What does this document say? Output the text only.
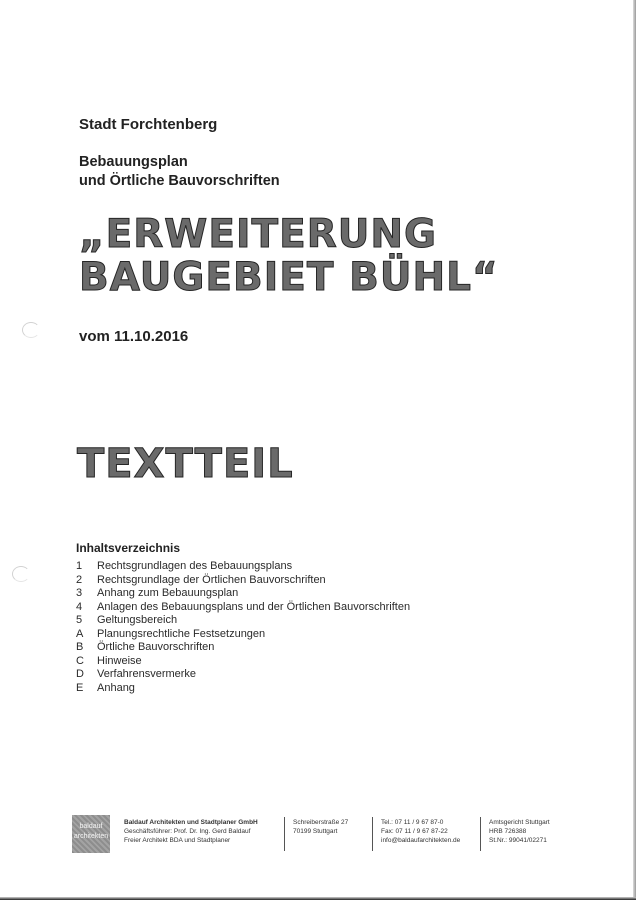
Stadt Forchtenberg
Bebauungsplan
und Örtliche Bauvorschriften
„ERWEITERUNG
BAUGEBIET BÜHL“
vom 11.10.2016
TEXTTEIL
Inhaltsverzeichnis
1	Rechtsgrundlagen des Bebauungsplans
2	Rechtsgrundlage der Örtlichen Bauvorschriften
3	Anhang zum Bebauungsplan
4	Anlagen des Bebauungsplans und der Örtlichen Bauvorschriften
5	Geltungsbereich
A	Planungsrechtliche Festsetzungen
B	Örtliche Bauvorschriften
C	Hinweise
D	Verfahrensvermerke
E	Anhang
baldauf
architekten
Baldauf Architekten und Stadtplaner GmbH
Geschäftsführer: Prof. Dr. Ing. Gerd Baldauf
Freier Architekt BDA und Stadtplaner
Schreiberstraße 27
70199 Stuttgart
Tel.: 07 11 / 9 67 87-0
Fax: 07 11 / 9 67 87-22
info@baldaufarchitekten.de
Amtsgericht Stuttgart
HRB 726388
St.Nr.: 99041/02271
